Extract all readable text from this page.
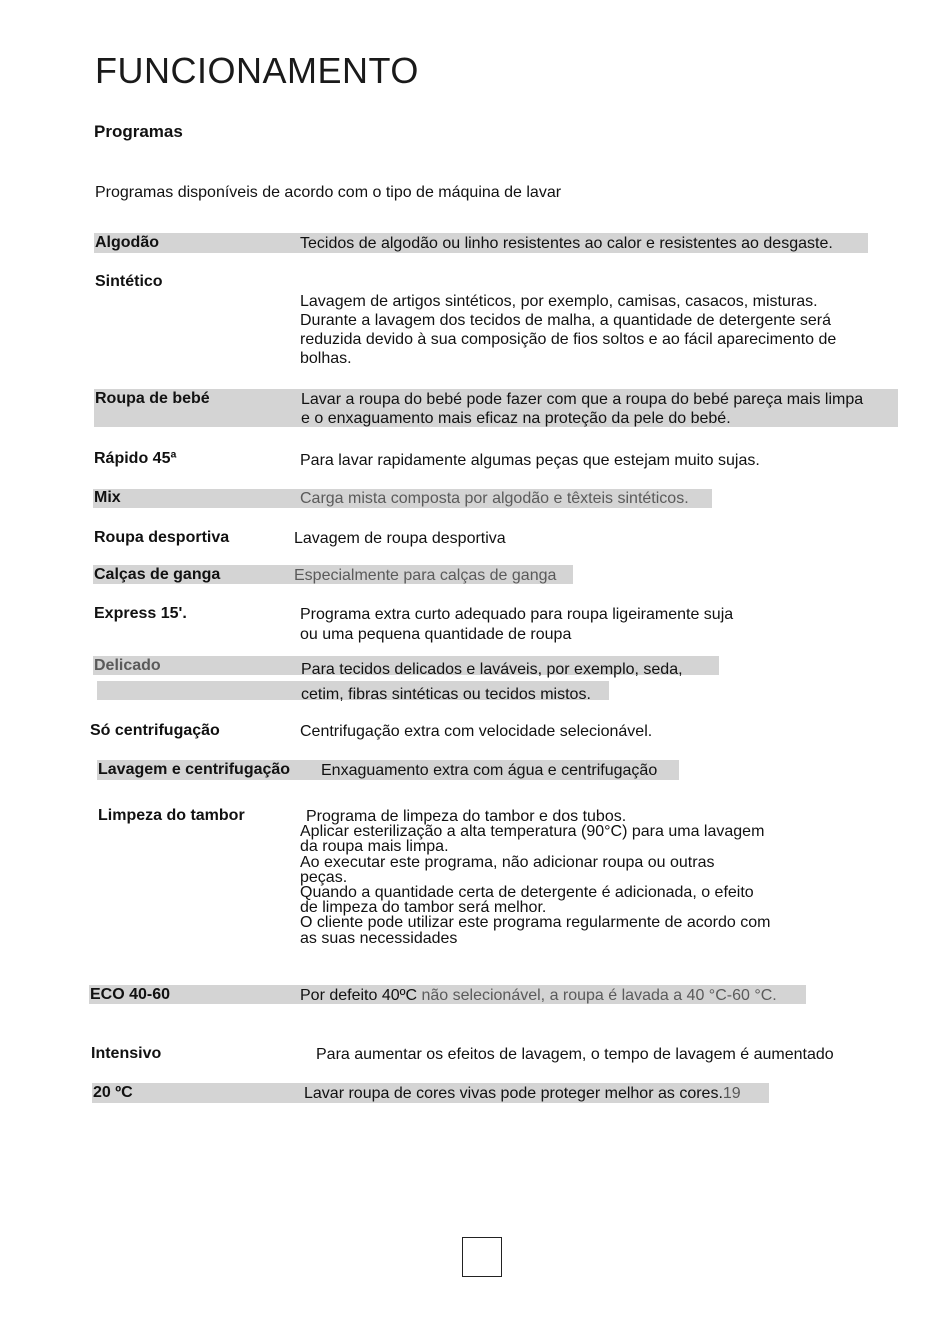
FUNCIONAMENTO
Programas
Programas disponíveis de acordo com o tipo de máquina de lavar
Algodão	Tecidos de algodão ou linho resistentes ao calor e resistentes ao desgaste.
Sintético
Lavagem de artigos sintéticos, por exemplo, camisas, casacos, misturas.
Durante a lavagem dos tecidos de malha, a quantidade de detergente será
reduzida devido à sua composição de fios soltos e ao fácil aparecimento de
bolhas.
Roupa de bebé	Lavar a roupa do bebé pode fazer com que a roupa do bebé pareça mais limpa
e o enxaguamento mais eficaz na proteção da pele do bebé.
Rápido 45ª	Para lavar rapidamente algumas peças que estejam muito sujas.
Mix	Carga mista composta por algodão e têxteis sintéticos.
Roupa desportiva	Lavagem de roupa desportiva
Calças de ganga	Especialmente para calças de ganga
Express 15'.	Programa extra curto adequado para roupa ligeiramente suja
ou uma pequena quantidade de roupa
Delicado	Para tecidos delicados e laváveis, por exemplo, seda,
cetim, fibras sintéticas ou tecidos mistos.
Só centrifugação	Centrifugação extra com velocidade selecionável.
Lavagem e centrifugação Enxaguamento extra com água e centrifugação
Limpeza do tambor	Programa de limpeza do tambor e dos tubos.
Aplicar esterilização a alta temperatura (90°C) para uma lavagem
da roupa mais limpa.
Ao executar este programa, não adicionar roupa ou outras
peças.
Quando a quantidade certa de detergente é adicionada, o efeito
de limpeza do tambor será melhor.
O cliente pode utilizar este programa regularmente de acordo com
as suas necessidades
ECO 40-60	Por defeito 40ºC não selecionável, a roupa é lavada a 40 °C-60 °C.
Intensivo	Para aumentar os efeitos de lavagem, o tempo de lavagem é aumentado
20 ºC	Lavar roupa de cores vivas pode proteger melhor as cores.19
